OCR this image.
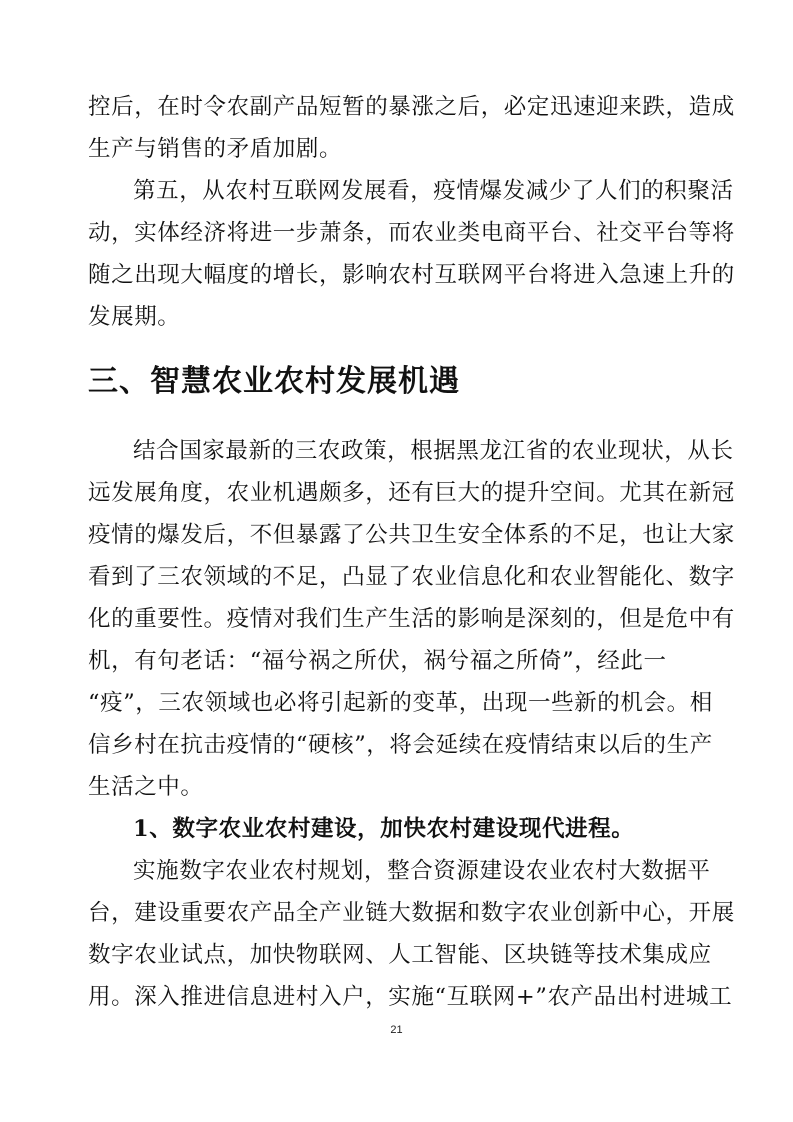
控后，在时令农副产品短暂的暴涨之后，必定迅速迎来跌，造成
生产与销售的矛盾加剧。
第五，从农村互联网发展看，疫情爆发减少了人们的积聚活
动，实体经济将进一步萧条，而农业类电商平台、社交平台等将
随之出现大幅度的增长，影响农村互联网平台将进入急速上升的
发展期。
三、智慧农业农村发展机遇
结合国家最新的三农政策，根据黑龙江省的农业现状，从长
远发展角度，农业机遇颇多，还有巨大的提升空间。尤其在新冠
疫情的爆发后，不但暴露了公共卫生安全体系的不足，也让大家
看到了三农领域的不足，凸显了农业信息化和农业智能化、数字
化的重要性。疫情对我们生产生活的影响是深刻的，但是危中有
机，有句老话：“福兮祸之所伏，祸兮福之所倚”，经此一
“疫”，三农领域也必将引起新的变革，出现一些新的机会。相
信乡村在抗击疫情的“硬核”，将会延续在疫情结束以后的生产
生活之中。
1、数字农业农村建设，加快农村建设现代进程。
实施数字农业农村规划，整合资源建设农业农村大数据平
台，建设重要农产品全产业链大数据和数字农业创新中心，开展
数字农业试点，加快物联网、人工智能、区块链等技术集成应
用。深入推进信息进村入户，实施“互联网+”农产品出村进城工
21
